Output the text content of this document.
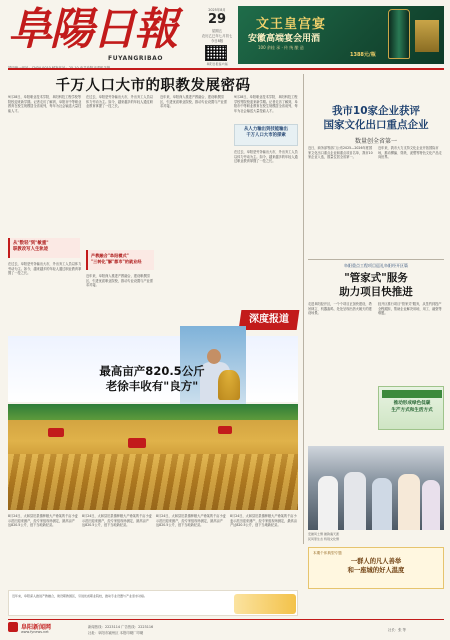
阜陽日報
FUYANGRIBAO
2025年8月
29
星期五
农历乙巳年七月初七
今日8版
阜阳日报客户端
文王皇宫宴
安徽高端宴会用酒
100 余桂 承 · 传 统 酿 造
1388元/瓶
千万人口大市的职教发展密码
9月28日，阜阳职业技术学院、阜阳科技工程学校等院校迎来新学期。记者走访了解到，阜阳市中等职业教育在校生规模居全省前列，每年为社会输送大量技能人才。
从"数轻"到"敏重"
职教改写人生轨迹
在过去，阜阳是劳务输出大市，外出务工人员以体力劳动为主。如今，越来越多的年轻人通过职业教育掌握了一技之长。
在过去，阜阳是劳务输出大市，外出务工人员以体力劳动为主。如今，越来越多的年轻人通过职业教育掌握了一技之长。
产教融合"阜阳模式"
"三转化"解"都市"的就业经
近年来，阜阳深入推进产教融合，建设职教园区，引进优质职业院校，推动专业设置与产业需求对接。
近年来，阜阳深入推进产教融合，建设职教园区，引进优质职业院校，推动专业设置与产业需求对接。
从人力输出到技能输出
千万人口大市的探索
9月28日，阜阳职业技术学院、阜阳科技工程学校等院校迎来新学期。记者走访了解到，阜阳市中等职业教育在校生规模居全省前列，每年为社会输送大量技能人才。
在过去，阜阳是劳务输出大市，外出务工人员以体力劳动为主。如今，越来越多的年轻人通过职业教育掌握了一技之长。
深度报道
最高亩产820.5公斤
老徐丰收有"良方"
8月24日，太和县旧县镇种粮大户徐某的千亩小麦示范田迎来测产，经专家组现场测定，最高亩产达820.5公斤，创下当地新纪录。
8月24日，太和县旧县镇种粮大户徐某的千亩小麦示范田迎来测产，经专家组现场测定，最高亩产达820.5公斤，创下当地新纪录。
8月24日，太和县旧县镇种粮大户徐某的千亩小麦示范田迎来测产，经专家组现场测定，最高亩产达820.5公斤，创下当地新纪录。
8月24日，太和县旧县镇种粮大户徐某的千亩小麦示范田迎来测产，经专家组现场测定，最高亩产达820.5公斤，创下当地新纪录。
我市10家企业获评
国家文化出口重点企业
数量创全省第一
近日，商务部等部门公布2025—2026年度国家文化出口重点企业和重点项目名单，我市10家企业入选，数量位居全省第一。
近年来，我市大力支持文化企业开拓国际市场，推动柳编、剪纸、泥塑等特色文化产品走向世界。
阜阳重点工程项目巡礼阜阳经开区篇
"管家式"服务
助力项目快推进
走进阜阳经开区，一个个项目正加快建设，塔吊林立、机器轰鸣，处处呈现出热火朝天的建设场景。
经开区推行项目"管家式"服务，从签约到投产全程跟踪，帮助企业解决用地、用工、融资等难题。
推动形成绿色低碳
生产方式和生活方式
安徽风土情 徽韵遍天涯
民风原生态 特别文化情
本期个体典型专题
一群人的凡人善举
和一座城的好人温度
近年来，阜阳深入推进产教融合，建设职教园区，引进优质职业院校，推动专业设置与产业需求对接。
阜阳新闻网
www.fynews.net
新闻热线：2223114 广告热线：2223116
社址：阜阳市颍州区 本报印刷厂印刷
社长：张 等
